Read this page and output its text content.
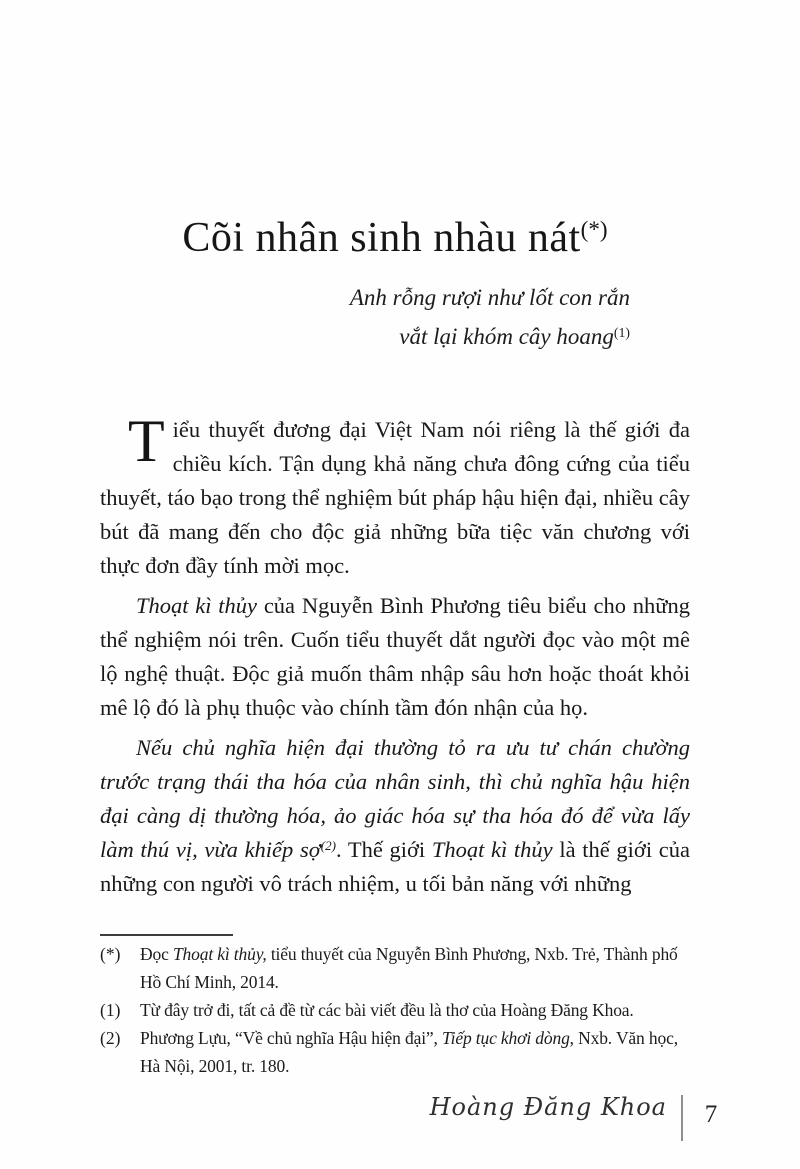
Cõi nhân sinh nhàu nát(*)
Anh rỗng rượi như lốt con rắn
vắt lại khóm cây hoang$^{(1)}$

Tiểu thuyết đương đại Việt Nam nói riêng là thế giới đa chiều kích. Tận dụng khả năng chưa đông cứng của tiểu thuyết, táo bạo trong thể nghiệm bút pháp hậu hiện đại, nhiều cây bút đã mang đến cho độc giả những bữa tiệc văn chương với thực đơn đầy tính mời mọc.

Thoạt kì thủy của Nguyễn Bình Phương tiêu biểu cho những thể nghiệm nói trên. Cuốn tiểu thuyết dắt người đọc vào một mê lộ nghệ thuật. Độc giả muốn thâm nhập sâu hơn hoặc thoát khỏi mê lộ đó là phụ thuộc vào chính tầm đón nhận của họ.

Nếu chủ nghĩa hiện đại thường tỏ ra ưu tư chán chường trước trạng thái tha hóa của nhân sinh, thì chủ nghĩa hậu hiện đại càng dị thường hóa, ảo giác hóa sự tha hóa đó để vừa lấy làm thú vị, vừa khiếp sợ$^{(2)}$. Thế giới Thoạt kì thủy là thế giới của những con người vô trách nhiệm, u tối bản năng với những

(*)	Đọc Thoạt kì thủy, tiểu thuyết của Nguyễn Bình Phương, Nxb. Trẻ, Thành phố
Hồ Chí Minh, 2014.
(1)	Từ đây trở đi, tất cả đề từ các bài viết đều là thơ của Hoàng Đăng Khoa.
(2)	Phương Lựu, “Về chủ nghĩa Hậu hiện đại”, Tiếp tục khơi dòng, Nxb. Văn học,
Hà Nội, 2001, tr. 180.
Hoàng Đăng Khoa	7
